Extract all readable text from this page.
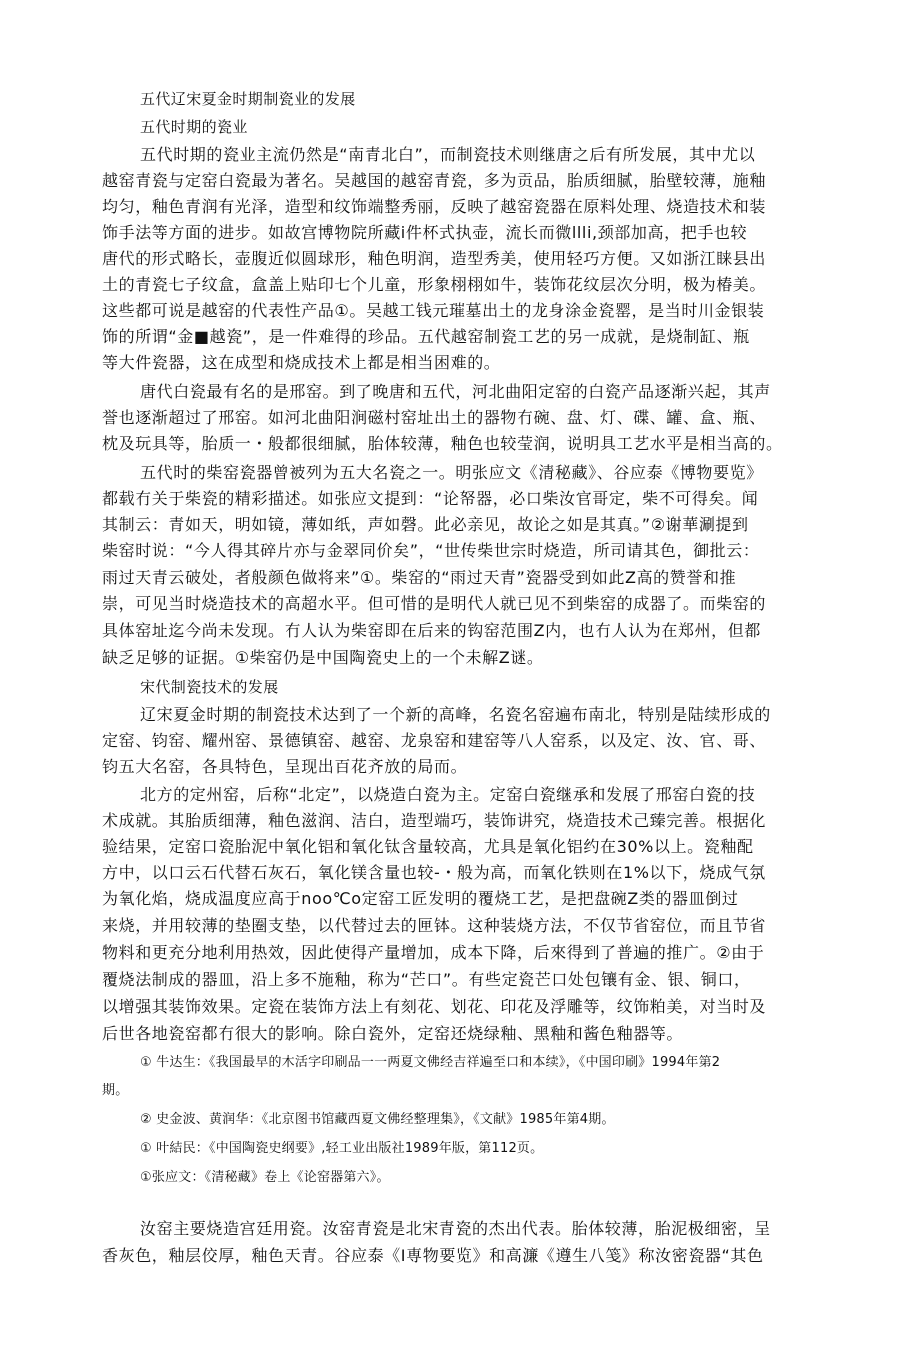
五代辽宋夏金时期制瓷业的发展
五代时期的瓷业
五代时期的瓷业主流仍然是“南青北白”，而制瓷技术则继唐之后有所发展，其中尤以
越窑青瓷与定窑白瓷最为著名。吴越国的越窑青瓷，多为贡品，胎质细腻，胎壁较薄，施釉
均匀，釉色青润有光泽，造型和纹饰端整秀丽，反映了越窑瓷器在原料处理、烧造技术和装
饰手法等方面的进步。如故宫博物院所藏i件杯式执壶，流长而微llli,颈部加高，把手也较
唐代的形式略长，壶腹近似圆球形，釉色明润，造型秀美，使用轻巧方便。又如浙江睐县出
土的青瓷七子纹盒，盒盖上贴印七个儿童，形象栩栩如牛，装饰花纹层次分明，极为椿美。
这些都可说是越窑的代表性产品①。吴越工钱元璀墓出土的龙身涂金瓷罂，是当时川金银装
饰的所谓“金■越瓷”，是一件难得的珍品。五代越窑制瓷工艺的另一成就，是烧制缸、瓶
等大件瓷器，这在成型和烧成技术上都是相当困难的。
唐代白瓷最有名的是邢窑。到了晚唐和五代，河北曲阳定窑的白瓷产品逐渐兴起，其声
誉也逐渐超过了邢窑。如河北曲阳涧磁村窑址出土的器物冇碗、盘、灯、碟、罐、盒、瓶、
枕及玩具等，胎质一・般都很细腻，胎体较薄，釉色也较莹润，说明具工艺水平是相当高的。
五代时的柴窑瓷器曾被列为五大名瓷之一。明张应文《清秘藏》、谷应泰《博物要览》
都载冇关于柴瓷的精彩描述。如张应文提到：“论帑器，必口柴汝官哥定，柴不可得矣。闻
其制云：青如天，明如镜，薄如纸，声如磬。此必亲见，故论之如是其真。”②谢華涮提到
柴窑时说：“今人得其碎片亦与金翠同价矣”，“世传柴世宗时烧造，所司请其色，御批云：
雨过天青云破处，者般颜色做将来”①。柴窑的“雨过天青”瓷器受到如此Z高的赞誉和推
崇，可见当时烧造技术的高超水平。但可惜的是明代人就已见不到柴窑的成器了。而柴窑的
具体窑址迄今尚未发现。冇人认为柴窑即在后来的钩窑范围Z内，也冇人认为在郑州，但都
缺乏足够的证据。①柴窑仍是中国陶瓷史上的一个未解Z谜。
宋代制瓷技术的发展
辽宋夏金时期的制瓷技术达到了一个新的高峰，名瓷名窑遍布南北，特别是陆续形成的
定窑、钧窑、耀州窑、景德镇窑、越窑、龙泉窑和建窑等八人窑系，以及定、汝、官、哥、
钧五大名窑，各具特色，呈现出百花齐放的局而。
北方的定州窑，后称“北定”，以烧造白瓷为主。定窑白瓷继承和发展了邢窑白瓷的技
术成就。其胎质细薄，釉色滋润、洁白，造型端巧，装饰讲究，烧造技术己臻完善。根据化
验结果，定窑口瓷胎泥中氧化铝和氧化钛含量较高，尤具是氧化铝约在30%以上。瓷釉配
方中，以口云石代替石灰石，氧化镁含量也较-・般为高，而氧化铁则在1%以下，烧成气氛
为氧化焰，烧成温度应高于noo℃o定窑工匠发明的覆烧工艺，是把盘碗Z类的器皿倒过
来烧，并用较薄的垫圈支垫，以代替过去的匣钵。这种装烧方法，不仅节省窑位，而且节省
物料和更充分地利用热效，因此使得产量增加，成本下降，后來得到了普遍的推广。②由于
覆烧法制成的器皿，沿上多不施釉，称为“芒口”。有些定瓷芒口处包镶有金、银、铜口，
以增强其装饰效果。定瓷在装饰方法上有刻花、划花、印花及浮雕等，纹饰粕美，对当时及
后世各地瓷窑都冇很大的影响。除白瓷外，定窑还烧绿釉、黑釉和酱色釉器等。
① 牛达生：《我国最早的木活字印刷品一一两夏文佛经吉祥遍至口和本续》，《中国印刷》1994年第2
期。
② 史金波、黄润华：《北京图书馆藏西夏文佛经整理集》，《文献》1985年第4期。
① 叶結民：《中国陶瓷史纲要》,轻工业出版社1989年版，第112页。
①张应文：《清秘藏》卷上《论窑器第六》。
汝窑主要烧造宫廷用瓷。汝窑青瓷是北宋青瓷的杰出代表。胎体较薄，胎泥极细密，呈
香灰色，釉层佼厚，釉色天青。谷应泰《I専物要览》和高濂《遵生八笺》称汝密瓷器“其色
